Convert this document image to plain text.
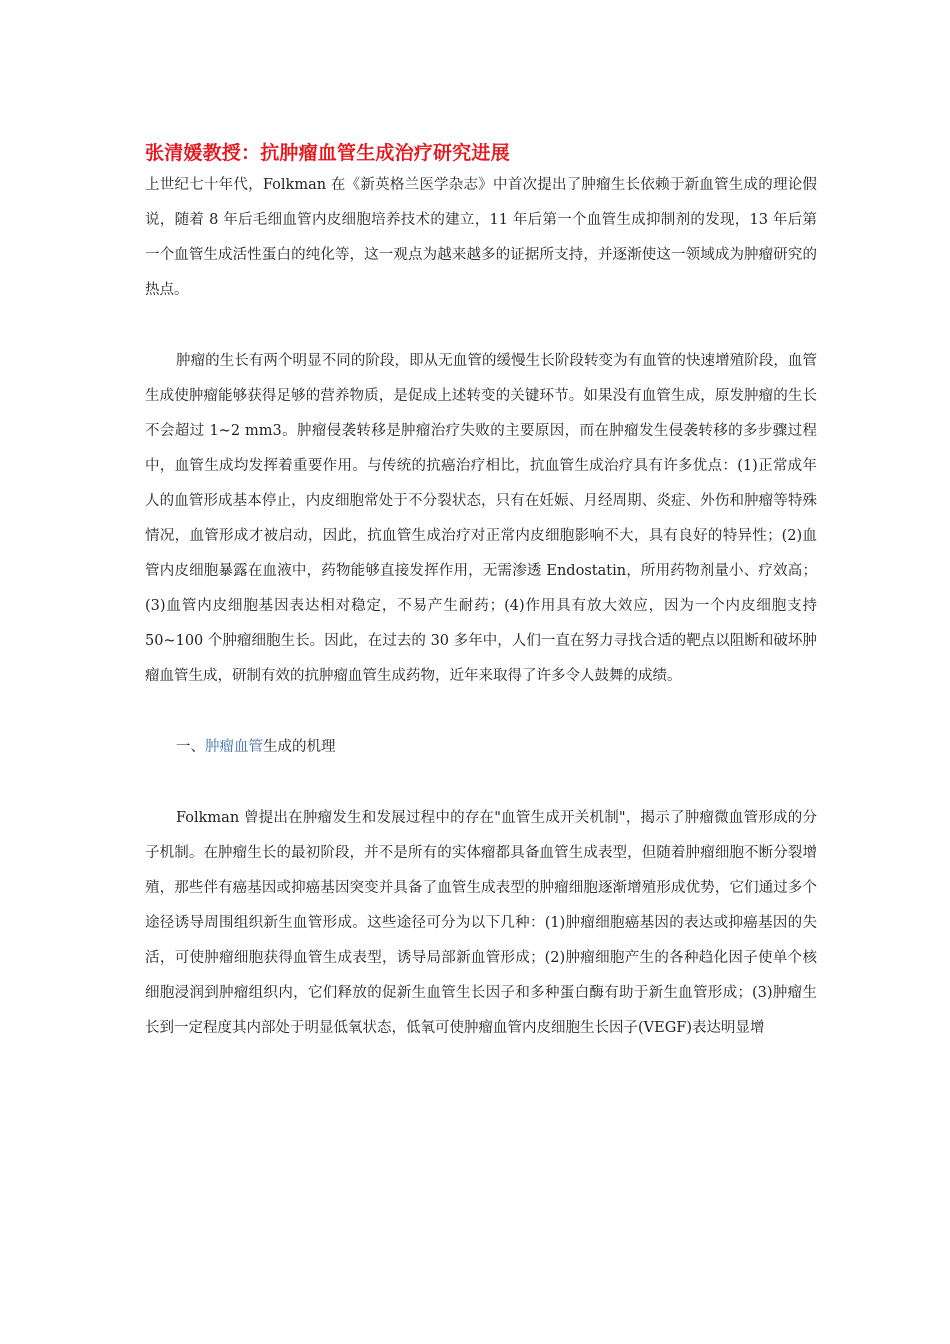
张清媛教授：抗肿瘤血管生成治疗研究进展

上世纪七十年代，Folkman 在《新英格兰医学杂志》中首次提出了肿瘤生长依赖于新血管生成的理论假说，随着 8 年后毛细血管内皮细胞培养技术的建立，11 年后第一个血管生成抑制剂的发现，13 年后第一个血管生成活性蛋白的纯化等，这一观点为越来越多的证据所支持，并逐渐使这一领域成为肿瘤研究的热点。

肿瘤的生长有两个明显不同的阶段，即从无血管的缓慢生长阶段转变为有血管的快速增殖阶段，血管生成使肿瘤能够获得足够的营养物质，是促成上述转变的关键环节。如果没有血管生成，原发肿瘤的生长不会超过 1~2 mm3。肿瘤侵袭转移是肿瘤治疗失败的主要原因，而在肿瘤发生侵袭转移的多步骤过程中，血管生成均发挥着重要作用。与传统的抗癌治疗相比，抗血管生成治疗具有许多优点：(1)正常成年人的血管形成基本停止，内皮细胞常处于不分裂状态，只有在妊娠、月经周期、炎症、外伤和肿瘤等特殊情况，血管形成才被启动，因此，抗血管生成治疗对正常内皮细胞影响不大，具有良好的特异性；(2)血管内皮细胞暴露在血液中，药物能够直接发挥作用，无需渗透 Endostatin，所用药物剂量小、疗效高；(3)血管内皮细胞基因表达相对稳定，不易产生耐药；(4)作用具有放大效应，因为一个内皮细胞支持 50~100 个肿瘤细胞生长。因此，在过去的 30 多年中，人们一直在努力寻找合适的靶点以阻断和破坏肿瘤血管生成，研制有效的抗肿瘤血管生成药物，近年来取得了许多令人鼓舞的成绩。

一、肿瘤血管生成的机理

Folkman 曾提出在肿瘤发生和发展过程中的存在"血管生成开关机制"，揭示了肿瘤微血管形成的分子机制。在肿瘤生长的最初阶段，并不是所有的实体瘤都具备血管生成表型，但随着肿瘤细胞不断分裂增殖，那些伴有癌基因或抑癌基因突变并具备了血管生成表型的肿瘤细胞逐渐增殖形成优势，它们通过多个途径诱导周围组织新生血管形成。这些途径可分为以下几种：(1)肿瘤细胞癌基因的表达或抑癌基因的失活，可使肿瘤细胞获得血管生成表型，诱导局部新血管形成；(2)肿瘤细胞产生的各种趋化因子使单个核细胞浸润到肿瘤组织内，它们释放的促新生血管生长因子和多种蛋白酶有助于新生血管形成；(3)肿瘤生长到一定程度其内部处于明显低氧状态，低氧可使肿瘤血管内皮细胞生长因子(VEGF)表达明显增
